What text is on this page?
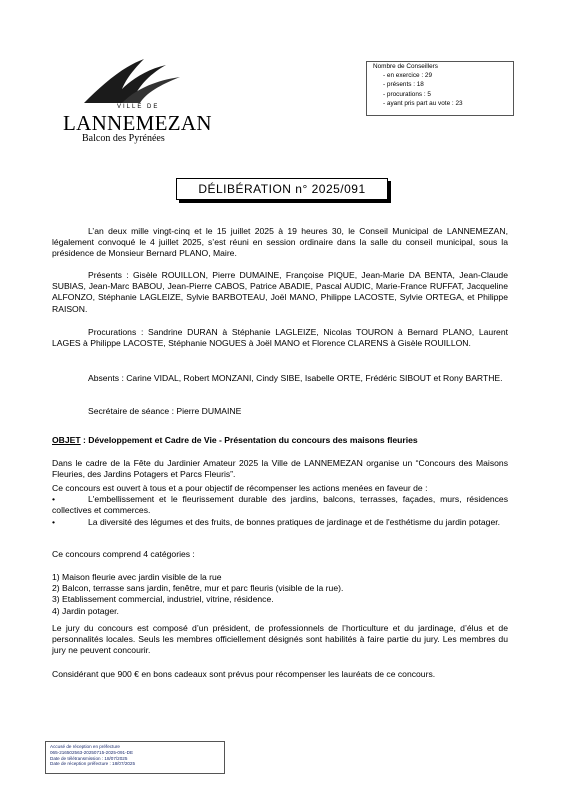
VILLE DE
LANNEMEZAN
Balcon des Pyrénées
Nombre de Conseillers
- en exercice : 29
- présents : 18
- procurations : 5
- ayant pris part au vote : 23
DÉLIBÉRATION n° 2025/091
L’an deux mille vingt-cinq et le 15 juillet 2025 à 19 heures 30, le Conseil Municipal de LANNEMEZAN, légalement convoqué le 4 juillet 2025, s’est réuni en session ordinaire dans la salle du conseil municipal, sous la présidence de Monsieur Bernard PLANO, Maire.
Présents : Gisèle ROUILLON, Pierre DUMAINE, Françoise PIQUE, Jean-Marie DA BENTA, Jean-Claude SUBIAS, Jean-Marc BABOU, Jean-Pierre CABOS, Patrice ABADIE, Pascal AUDIC, Marie-France RUFFAT, Jacqueline ALFONZO, Stéphanie LAGLEIZE, Sylvie BARBOTEAU, Joël MANO, Philippe LACOSTE, Sylvie ORTEGA, et Philippe RAISON.
Procurations : Sandrine DURAN à Stéphanie LAGLEIZE, Nicolas TOURON à Bernard PLANO, Laurent LAGES à Philippe LACOSTE, Stéphanie NOGUES à Joël MANO et Florence CLARENS à Gisèle ROUILLON.
Absents : Carine VIDAL, Robert MONZANI, Cindy SIBE, Isabelle ORTE, Frédéric SIBOUT et Rony BARTHE.
Secrétaire de séance : Pierre DUMAINE
OBJET : Développement et Cadre de Vie - Présentation du concours des maisons fleuries
Dans le cadre de la Fête du Jardinier Amateur 2025 la Ville de LANNEMEZAN organise un “Concours des Maisons Fleuries, des Jardins Potagers et Parcs Fleuris”.
Ce concours est ouvert à tous et a pour objectif de récompenser les actions menées en faveur de :
•	L'embellissement et le fleurissement durable des jardins, balcons, terrasses, façades, murs, résidences collectives et commerces.
•	La diversité des légumes et des fruits, de bonnes pratiques de jardinage et de l'esthétisme du jardin potager.
Ce concours comprend 4 catégories :
1) Maison fleurie avec jardin visible de la rue
2) Balcon, terrasse sans jardin, fenêtre, mur et parc fleuris (visible de la rue).
3) Etablissement commercial, industriel, vitrine, résidence.
4) Jardin potager.
Le jury du concours est composé d’un président, de professionnels de l’horticulture et du jardinage, d’élus et de personnalités locales. Seuls les membres officiellement désignés sont habilités à faire partie du jury. Les membres du jury ne peuvent concourir.
Considérant que 900 € en bons cadeaux sont prévus pour récompenser les lauréats de ce concours.
Accusé de réception en préfecture
065-216502563-20250715-2025-091-DE
Date de télétransmission : 18/07/2025
Date de réception préfecture : 18/07/2025
